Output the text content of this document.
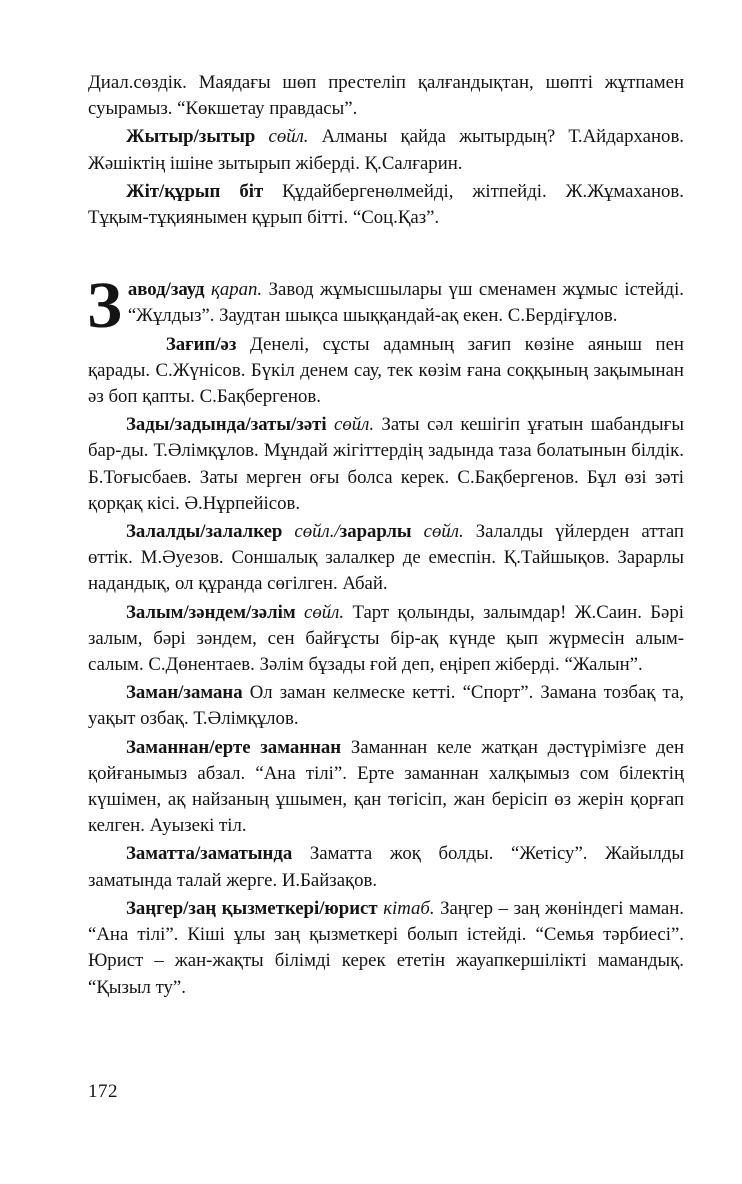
Диал.сөздік. Маядағы шөп престеліп қалғандықтан, шөпті жұтпамен суырамыз. “Көкшетау правдасы”.

Жытыр/зытыр сөйл. Алманы қайда жытырдың? Т.Айдарханов. Жәшіктің ішіне зытырып жіберді. Қ.Салғарин.

Жіт/құрып біт Құдайбергенөлмейді, жітпейді. Ж.Жұмаханов. Тұқым-тұқиянымен құрып бітті. “Соц.Қаз”.

Завод/зауд қарап. Завод жұмысшылары үш сменамен жұмыс істейді. “Жұлдыз”. Заудтан шықса шыққандай-ақ екен. С.Бердіғұлов.

Зағип/әз Денелі, сұсты адамның зағип көзіне аяныш пен қарады. С.Жүнісов. Бүкіл денем сау, тек көзім ғана соққының зақымынан әз боп қапты. С.Бақбергенов.

Зады/задында/заты/зәті сөйл. Заты сәл кешігіп ұғатын шабандығы бар-ды. Т.Әлімқұлов. Мұндай жігіттердің задында таза болатынын білдік. Б.Тоғысбаев. Заты мерген оғы болса керек. С.Бақбергенов. Бұл өзі зәті қорқақ кісі. Ә.Нұрпейісов.

Залалды/залалкер сөйл./зарарлы сөйл. Залалды үйлерден аттап өттік. М.Әуезов. Соншалық залалкер де емеспін. Қ.Тайшықов. Зарарлы надандық, ол құранда сөгілген. Абай.

Залым/зәндем/зәлім сөйл. Тарт қолынды, залымдар! Ж.Саин. Бәрі залым, бәрі зәндем, сен байғұсты бір-ақ күнде қып жүрмесін алым-салым. С.Дөнентаев. Зәлім бұзады ғой деп, еңіреп жіберді. “Жалын”.

Заман/замана Ол заман келмеске кетті. “Спорт”. Замана тозбақ та, уақыт озбақ. Т.Әлімқұлов.

Заманнан/ерте заманнан Заманнан келе жатқан дәстүрімізге ден қойғанымыз абзал. “Ана тілі”. Ерте заманнан халқымыз сом білектің күшімен, ақ найзаның ұшымен, қан төгісіп, жан берісіп өз жерін қорғап келген. Ауызекі тіл.

Заматта/заматында Заматта жоқ болды. “Жетісу”. Жайылды заматында талай жерге. И.Байзақов.

Заңгер/заң қызметкері/юрист кітаб. Заңгер – заң жөніндегі маман. “Ана тілі”. Кіші ұлы заң қызметкері болып істейді. “Семья тәрбиесі”. Юрист – жан-жақты білімді керек ететін жауапкершілікті мамандық. “Қызыл ту”.

172
